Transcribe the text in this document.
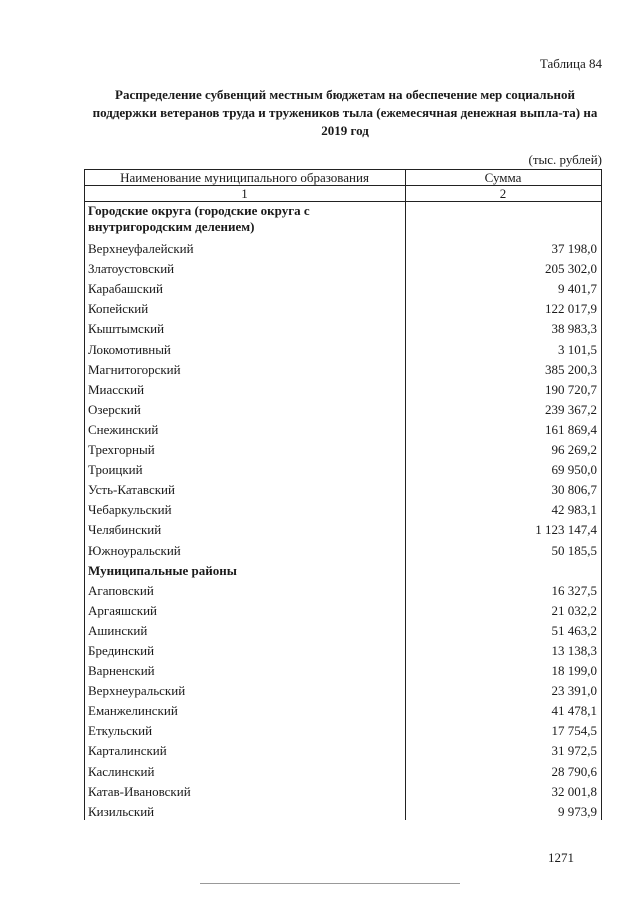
Таблица 84
Распределение субвенций местным бюджетам на обеспечение мер социальной поддержки ветеранов труда и тружеников тыла (ежемесячная денежная выпла-та) на 2019 год
(тыс. рублей)
Наименование муниципального образования	Сумма
1	2
Городские округа (городские округа с внутригородским делением)	
Верхнеуфалейский	37 198,0
Златоустовский	205 302,0
Карабашский	9 401,7
Копейский	122 017,9
Кыштымский	38 983,3
Локомотивный	3 101,5
Магнитогорский	385 200,3
Миасский	190 720,7
Озерский	239 367,2
Снежинский	161 869,4
Трехгорный	96 269,2
Троицкий	69 950,0
Усть-Катавский	30 806,7
Чебаркульский	42 983,1
Челябинский	1 123 147,4
Южноуральский	50 185,5
Муниципальные районы	
Агаповский	16 327,5
Аргаяшский	21 032,2
Ашинский	51 463,2
Брединский	13 138,3
Варненский	18 199,0
Верхнеуральский	23 391,0
Еманжелинский	41 478,1
Еткульский	17 754,5
Карталинский	31 972,5
Каслинский	28 790,6
Катав-Ивановский	32 001,8
Кизильский	9 973,9
1271
